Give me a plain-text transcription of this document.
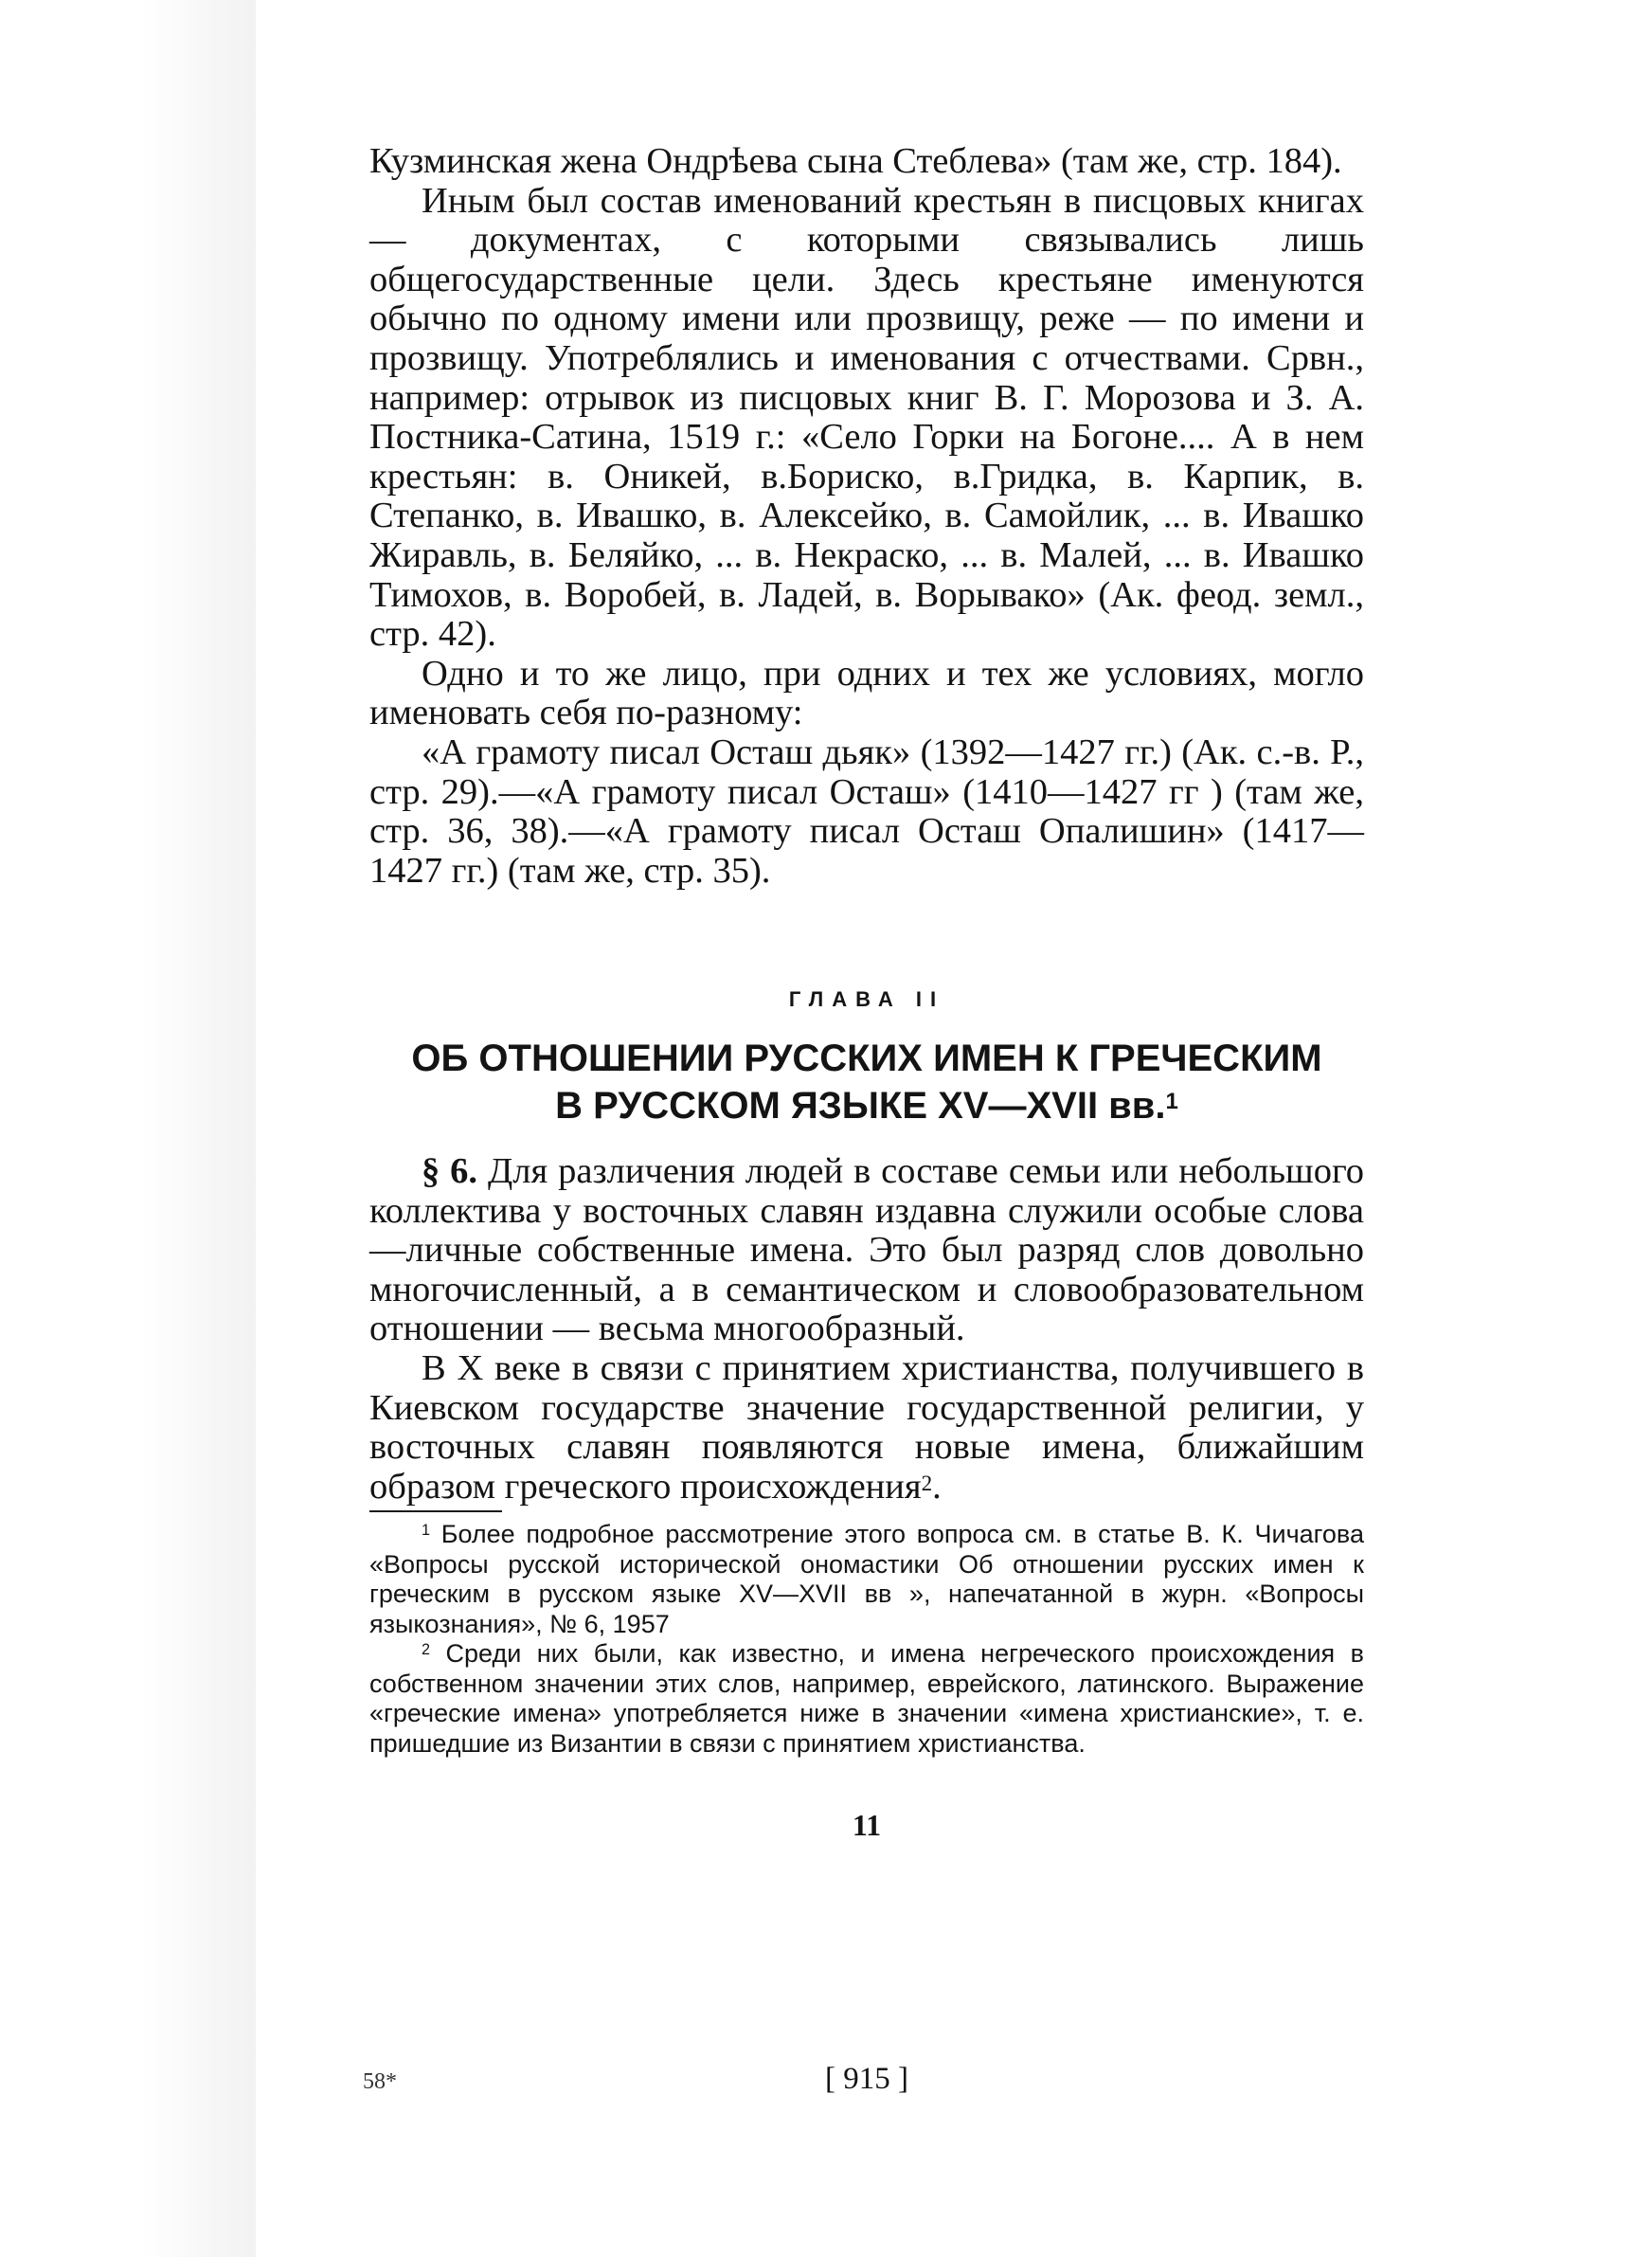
Кузминская жена Ондрѣева сына Стеблева» (там же, стр. 184).

Иным был состав именований крестьян в писцовых книгах — документах, с которыми связывались лишь общегосударственные цели. Здесь крестьяне именуются обычно по одному имени или прозвищу, реже — по имени и прозвищу. Употреблялись и именования с отчествами. Срвн., например: отрывок из писцовых книг В. Г. Морозова и З. А. Постника-Сатина, 1519 г.: «Село Горки на Богоне.... А в нем крестьян: в. Оникей, в.Бориско, в.Гридка, в. Карпик, в. Степанко, в. Ивашко, в. Алексейко, в. Самойлик, ... в. Ивашко Жиравль, в. Беляйко, ... в. Некраско, ... в. Малей, ... в. Ивашко Тимохов, в. Воробей, в. Ладей, в. Ворывако» (Ак. феод. земл., стр. 42).

Одно и то же лицо, при одних и тех же условиях, могло именовать себя по-разному:

«А грамоту писал Осташ дьяк» (1392—1427 гг.) (Ак. с.-в. Р., стр. 29).—«А грамоту писал Осташ» (1410—1427 гг ) (там же, стр. 36, 38).—«А грамоту писал Осташ Опалишин» (1417—1427 гг.) (там же, стр. 35).

ГЛАВА II
ОБ ОТНОШЕНИИ РУССКИХ ИМЕН К ГРЕЧЕСКИМ
В РУССКОМ ЯЗЫКЕ XV—XVII вв.$^1$

§ 6. Для различения людей в составе семьи или небольшого коллектива у восточных славян издавна служили особые слова —личные собственные имена. Это был разряд слов довольно многочисленный, а в семантическом и словообразовательном отношении — весьма многообразный.

В X веке в связи с принятием христианства, получившего в Киевском государстве значение государственной религии, у восточных славян появляются новые имена, ближайшим образом греческого происхождения$^2$.

$^1$ Более подробное рассмотрение этого вопроса см. в статье В. К. Чичагова «Вопросы русской исторической ономастики Об отношении русских имен к греческим в русском языке XV—XVII вв », напечатанной в журн. «Вопросы языкознания», № 6, 1957

$^2$ Среди них были, как известно, и имена негреческого происхождения в собственном значении этих слов, например, еврейского, латинского. Выражение «греческие имена» употребляется ниже в значении «имена христианские», т. е. пришедшие из Византии в связи с принятием христианства.

11
58*	[ 915 ]
